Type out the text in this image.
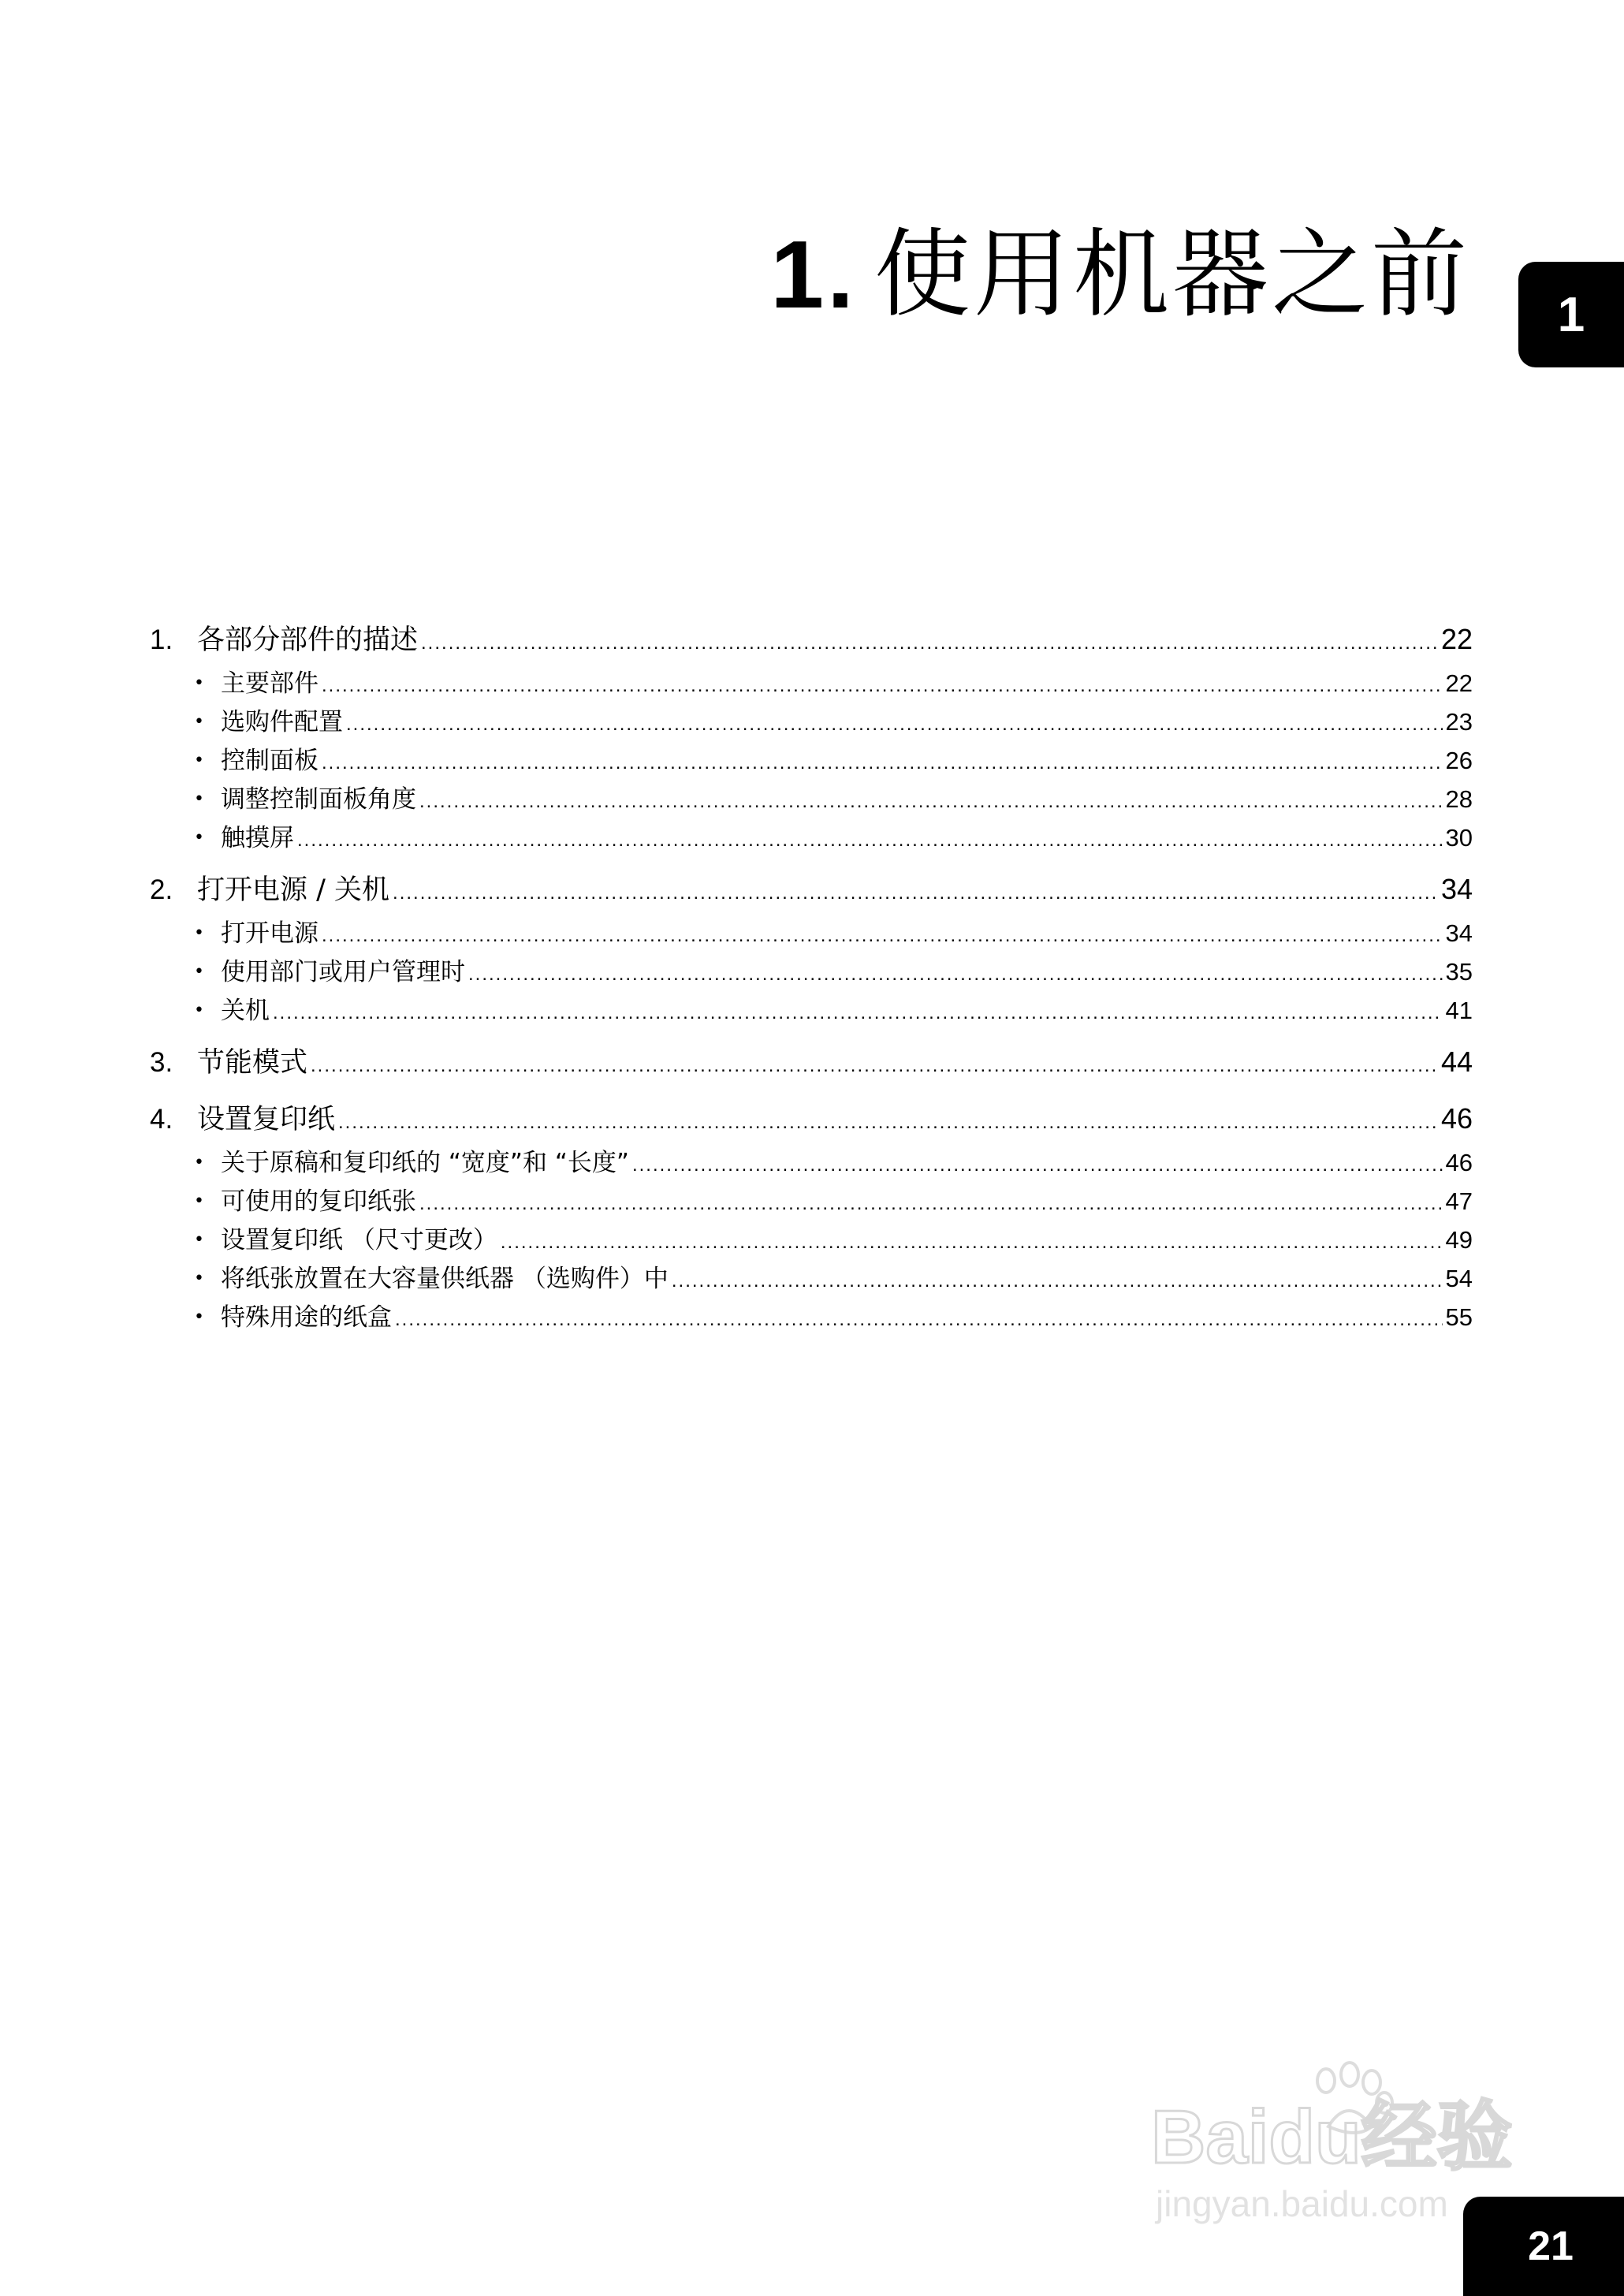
1. 使用机器之前 1
1. 各部分部件的描述 .....	22
• 主要部件 .....	22
• 选购件配置 .....	23
• 控制面板 .....	26
• 调整控制面板角度 .....	28
• 触摸屏 .....	30
2. 打开电源 / 关机 .....	34
• 打开电源 .....	34
• 使用部门或用户管理时 .....	35
• 关机 .....	41
3. 节能模式 .....	44
4. 设置复印纸 .....	46
• 关于原稿和复印纸的 “宽度”和 “长度” .....	46
• 可使用的复印纸张 .....	47
• 设置复印纸 （尺寸更改） .....	49
• 将纸张放置在大容量供纸器 （选购件）中 .....	54
• 特殊用途的纸盒 .....	55
Baidu经验
jingyan.baidu.com
21
